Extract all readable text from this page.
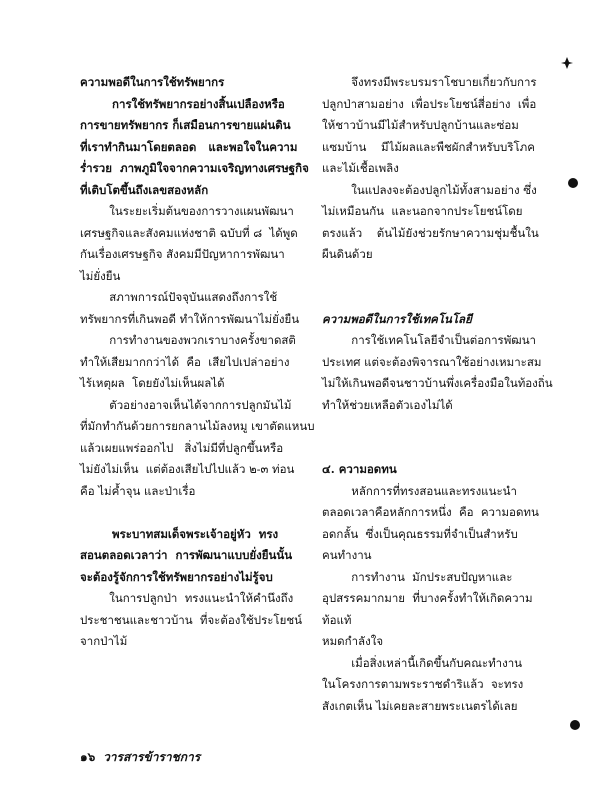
ความพอดีในการใช้ทรัพยากร

การใช้ทรัพยากรอย่างสิ้นเปลืองหรือ
การขายทรัพยากร ก็เสมือนการขายแผ่นดิน
ที่เราทำกินมาโดยตลอด   และพอใจในความ
ร่ำรวย  ภาพภูมิใจจากความเจริญทางเศรษฐกิจ
ที่เติบโตขึ้นถึงเลขสองหลัก

ในระยะเริ่มต้นของการวางแผนพัฒนา
เศรษฐกิจและสังคมแห่งชาติ ฉบับที่ ๘  ได้พูด
กันเรื่องเศรษฐกิจ สังคมมีปัญหาการพัฒนา
ไม่ยั่งยืน

สภาพการณ์ปัจจุบันแสดงถึงการใช้
ทรัพยากรที่เกินพอดี ทำให้การพัฒนาไม่ยั่งยืน

การทำงานของพวกเราบางครั้งขาดสติ
ทำให้เสียมากกว่าได้  คือ  เสียไปเปล่าอย่าง
ไร้เหตุผล  โดยยังไม่เห็นผลได้

ตัวอย่างอาจเห็นได้จากการปลูกมันไม้
ที่มักทำกันด้วยการยกลานไม้ลงหมู เขาตัดแหนบ
แล้วเผยแพร่ออกไป   สิ่งไม่มีที่ปลูกขึ้นหรือ
ไม่ยังไม่เห็น  แต่ต้องเสียไปไปแล้ว ๒-๓ ท่อน
คือ ไม่ค้ำจุน และป่าเรื่อ

พระบาทสมเด็จพระเจ้าอยู่หัว  ทรง
สอนตลอดเวลาว่า  การพัฒนาแบบยั่งยืนนั้น
จะต้องรู้จักการใช้ทรัพยากรอย่างไม่รู้จบ

ในการปลูกป่า  ทรงแนะนำให้คำนึงถึง
ประชาชนและชาวบ้าน  ที่จะต้องใช้ประโยชน์
จากป่าไม้

จึงทรงมีพระบรมราโชบายเกี่ยวกับการ
ปลูกป่าสามอย่าง  เพื่อประโยชน์สี่อย่าง  เพื่อ
ให้ชาวบ้านมีไม้สำหรับปลูกบ้านและซ่อม
แซมบ้าน    มีไม้ผลและพืชผักสำหรับบริโภค
และไม้เชื้อเพลิง

ในแปลงจะต้องปลูกไม้ทั้งสามอย่าง ซึ่ง
ไม่เหมือนกัน  และนอกจากประโยชน์โดย
ตรงแล้ว    ต้นไม้ยังช่วยรักษาความชุ่มชื้นใน
ผืนดินด้วย

ความพอดีในการใช้เทคโนโลยี

การใช้เทคโนโลยีจำเป็นต่อการพัฒนา
ประเทศ แต่จะต้องพิจารณาใช้อย่างเหมาะสม
ไม่ให้เกินพอดีจนชาวบ้านพึ่งเครื่องมือในท้องถิ่น
ทำให้ช่วยเหลือตัวเองไม่ได้

๔. ความอดทน

หลักการที่ทรงสอนและทรงแนะนำ
ตลอดเวลาคือหลักการหนึ่ง  คือ  ความอดทน
อดกลั้น  ซึ่งเป็นคุณธรรมที่จำเป็นสำหรับ
คนทำงาน

การทำงาน  มักประสบปัญหาและ
อุปสรรคมากมาย  ที่บางครั้งทำให้เกิดความท้อแท้
หมดกำลังใจ

เมื่อสิ่งเหล่านี้เกิดขึ้นกับคณะทำงาน
ในโครงการตามพระราชดำริแล้ว  จะทรง
สังเกตเห็น ไม่เคยละสายพระเนตรได้เลย

๑๖ วารสารข้าราชการ
